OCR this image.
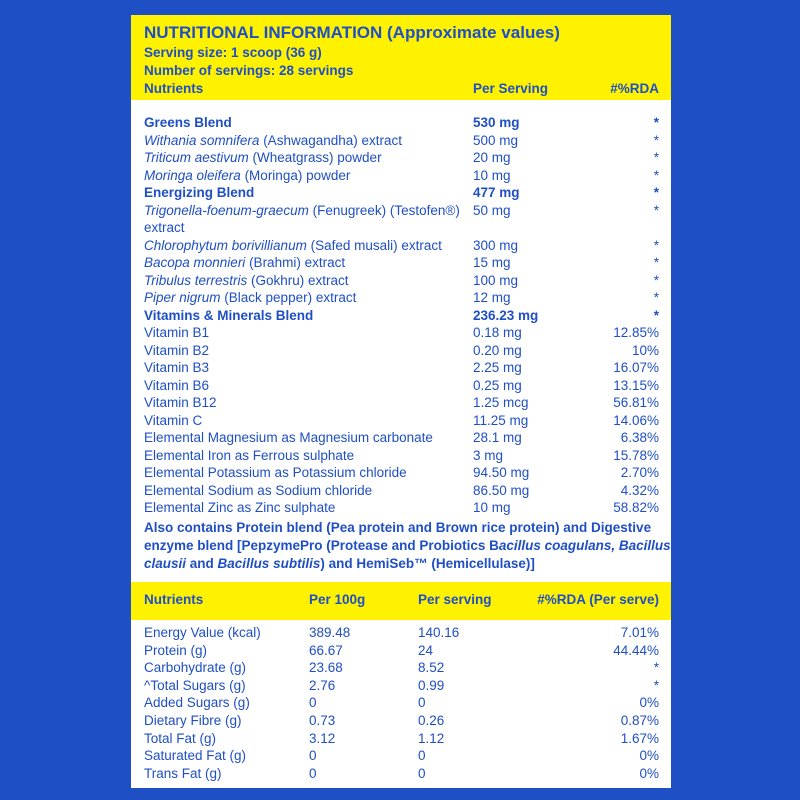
NUTRITIONAL INFORMATION (Approximate values)
Serving size: 1 scoop (36 g)
Number of servings: 28 servings
Nutrients	Per Serving	#%RDA
Greens Blend	530 mg	*
Withania somnifera (Ashwagandha) extract	500 mg	*
Triticum aestivum (Wheatgrass) powder	20 mg	*
Moringa oleifera (Moringa) powder	10 mg	*
Energizing Blend	477 mg	*
Trigonella-foenum-graecum (Fenugreek) (Testofen®) 50 mg	*
extract
Chlorophytum borivillianum (Safed musali) extract 300 mg	*
Bacopa monnieri (Brahmi) extract	15 mg	*
Tribulus terrestris (Gokhru) extract	100 mg	*
Piper nigrum (Black pepper) extract	12 mg	*
Vitamins & Minerals Blend	236.23 mg	*
Vitamin B1	0.18 mg	12.85%
Vitamin B2	0.20 mg	10%
Vitamin B3	2.25 mg	16.07%
Vitamin B6	0.25 mg	13.15%
Vitamin B12	1.25 mcg	56.81%
Vitamin C	11.25 mg	14.06%
Elemental Magnesium as Magnesium carbonate	28.1 mg	6.38%
Elemental Iron as Ferrous sulphate	3 mg	15.78%
Elemental Potassium as Potassium chloride	94.50 mg	2.70%
Elemental Sodium as Sodium chloride	86.50 mg	4.32%
Elemental Zinc as Zinc sulphate	10 mg	58.82%
Also contains Protein blend (Pea protein and Brown rice protein) and Digestive
enzyme blend [PepzymePro (Protease and Probiotics Bacillus coagulans, Bacillus
clausii and Bacillus subtilis) and HemiSeb™ (Hemicellulase)]
Nutrients	Per 100g	Per serving	#%RDA (Per serve)
Energy Value (kcal)	389.48	140.16	7.01%
Protein (g)	66.67	24	44.44%
Carbohydrate (g)	23.68	8.52	*
^Total Sugars (g)	2.76	0.99	*
Added Sugars (g)	0	0	0%
Dietary Fibre (g)	0.73	0.26	0.87%
Total Fat (g)	3.12	1.12	1.67%
Saturated Fat (g)	0	0	0%
Trans Fat (g)	0	0	0%
